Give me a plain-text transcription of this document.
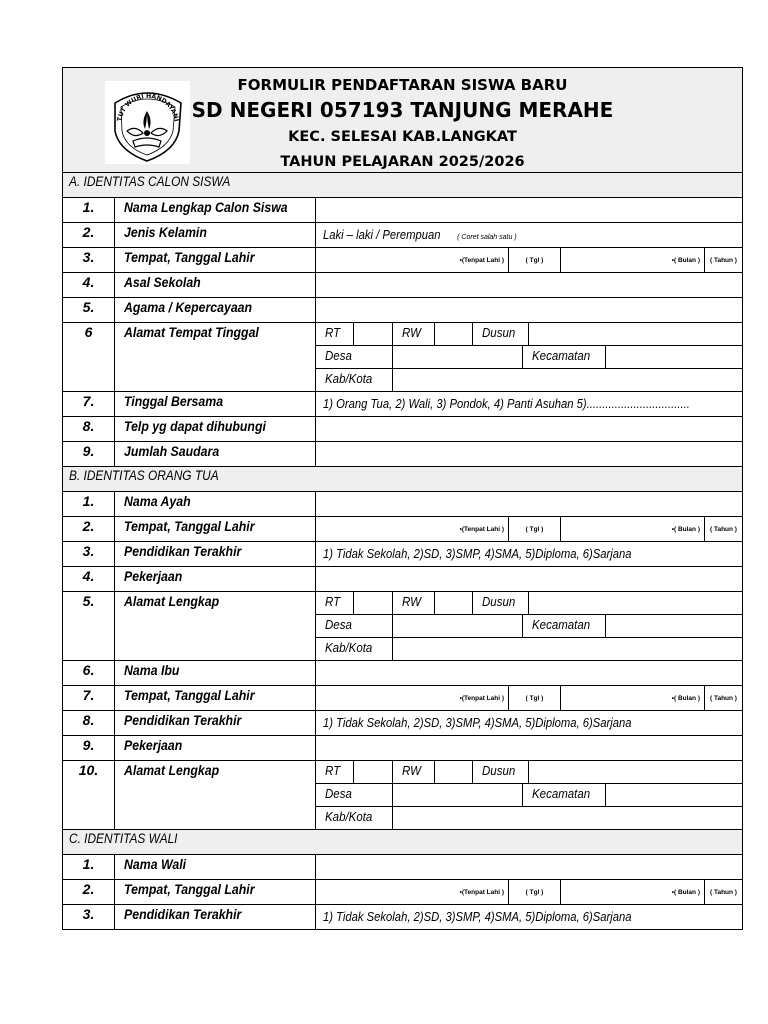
TUT WURI HANDAYANI
FORMULIR PENDAFTARAN SISWA BARU
SD NEGERI 057193 TANJUNG MERAHE
KEC. SELESAI KAB.LANGKAT
TAHUN PELAJARAN 2025/2026
A. IDENTITAS CALON SISWA
1.	Nama Lengkap Calon Siswa
2.	Jenis Kelamin	Laki – laki / Perempuan ( Coret salah satu )
3.	Tempat, Tanggal Lahir	•(Tenpat Lahi )	( Tgl )	•( Bulan )	( Tahun )
4.	Asal Sekolah
5.	Agama / Kepercayaan
6	Alamat Tempat Tinggal	RT	RW	Dusun
Desa	Kecamatan
Kab/Kota
7.	Tinggal Bersama	1) Orang Tua, 2) Wali, 3) Pondok, 4) Panti Asuhan 5).................................
8.	Telp yg dapat dihubungi
9.	Jumlah Saudara
B. IDENTITAS ORANG TUA
1.	Nama Ayah
2.	Tempat, Tanggal Lahir	•(Tenpat Lahi )	( Tgl )	•( Bulan )	( Tahun )
3.	Pendidikan Terakhir	1) Tidak Sekolah, 2)SD, 3)SMP, 4)SMA, 5)Diploma, 6)Sarjana
4.	Pekerjaan
5.	Alamat Lengkap	RT	RW	Dusun
Desa	Kecamatan
Kab/Kota
6.	Nama Ibu
7.	Tempat, Tanggal Lahir	•(Tenpat Lahi )	( Tgl )	•( Bulan )	( Tahun )
8.	Pendidikan Terakhir	1) Tidak Sekolah, 2)SD, 3)SMP, 4)SMA, 5)Diploma, 6)Sarjana
9.	Pekerjaan
10.	Alamat Lengkap	RT	RW	Dusun
Desa	Kecamatan
Kab/Kota
C. IDENTITAS WALI
1.	Nama Wali
2.	Tempat, Tanggal Lahir	•(Tenpat Lahi )	( Tgl )	•( Bulan )	( Tahun )
3.	Pendidikan Terakhir	1) Tidak Sekolah, 2)SD, 3)SMP, 4)SMA, 5)Diploma, 6)Sarjana
